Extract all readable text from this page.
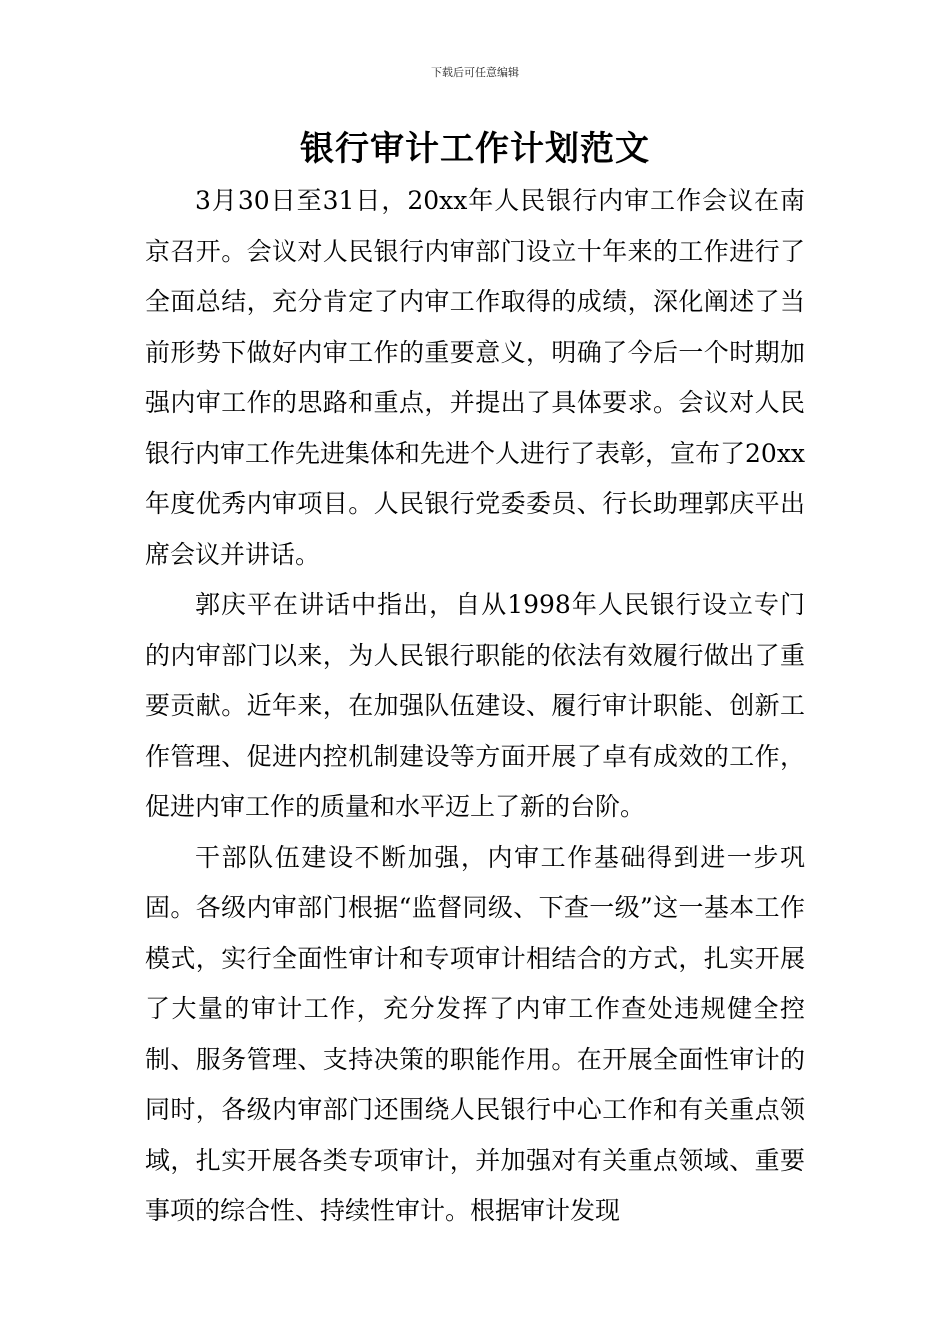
下载后可任意编辑
银行审计工作计划范文

3月30日至31日，20xx年人民银行内审工作会议在南京召开。会议对人民银行内审部门设立十年来的工作进行了全面总结，充分肯定了内审工作取得的成绩，深化阐述了当前形势下做好内审工作的重要意义，明确了今后一个时期加强内审工作的思路和重点，并提出了具体要求。会议对人民银行内审工作先进集体和先进个人进行了表彰，宣布了20xx年度优秀内审项目。人民银行党委委员、行长助理郭庆平出席会议并讲话。

郭庆平在讲话中指出，自从1998年人民银行设立专门的内审部门以来，为人民银行职能的依法有效履行做出了重要贡献。近年来，在加强队伍建设、履行审计职能、创新工作管理、促进内控机制建设等方面开展了卓有成效的工作，促进内审工作的质量和水平迈上了新的台阶。

干部队伍建设不断加强，内审工作基础得到进一步巩固。各级内审部门根据“监督同级、下查一级”这一基本工作模式，实行全面性审计和专项审计相结合的方式，扎实开展了大量的审计工作，充分发挥了内审工作查处违规健全控制、服务管理、支持决策的职能作用。在开展全面性审计的同时，各级内审部门还围绕人民银行中心工作和有关重点领域，扎实开展各类专项审计，并加强对有关重点领域、重要事项的综合性、持续性审计。根据审计发现
